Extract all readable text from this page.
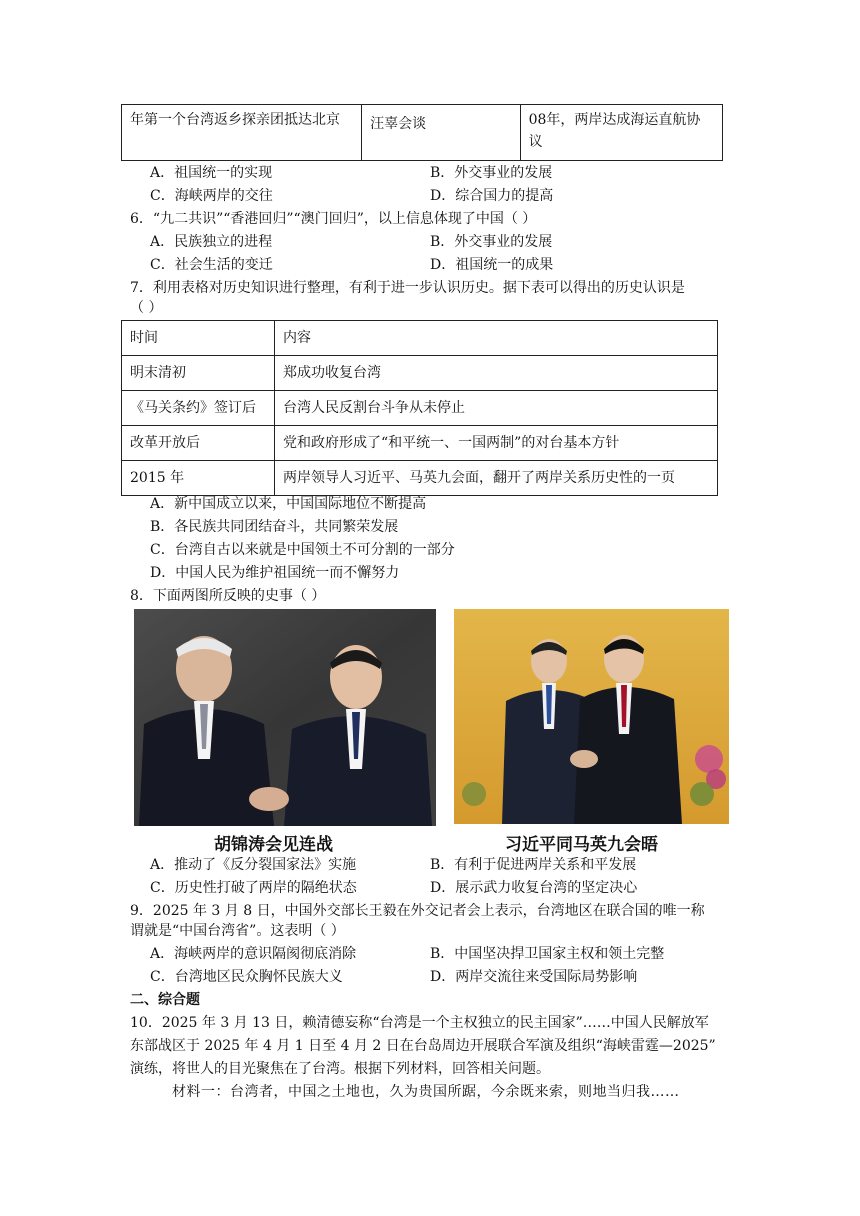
年第一个台湾返乡探亲团抵达北京	汪辜会谈	08年，两岸达成海运直航协议
A．祖国统一的实现	B．外交事业的发展
C．海峡两岸的交往	D．综合国力的提高
6．“九二共识”“香港回归”“澳门回归”，以上信息体现了中国（ ）
A．民族独立的进程	B．外交事业的发展
C．社会生活的变迁	D．祖国统一的成果
7．利用表格对历史知识进行整理，有利于进一步认识历史。据下表可以得出的历史认识是
（ ）
时间	内容

明末清初	郑成功收复台湾

《马关条约》签订后	台湾人民反割台斗争从未停止

改革开放后	党和政府形成了“和平统一、一国两制”的对台基本方针

2015 年	两岸领导人习近平、马英九会面，翻开了两岸关系历史性的一页
A．新中国成立以来，中国国际地位不断提高
B．各民族共同团结奋斗，共同繁荣发展
C．台湾自古以来就是中国领土不可分割的一部分
D．中国人民为维护祖国统一而不懈努力
8．下面两图所反映的史事（ ）
胡锦涛会见连战	习近平同马英九会晤
A．推动了《反分裂国家法》实施	B．有利于促进两岸关系和平发展
C．历史性打破了两岸的隔绝状态	D．展示武力收复台湾的坚定决心
9．2025 年 3 月 8 日，中国外交部长王毅在外交记者会上表示，台湾地区在联合国的唯一称
谓就是“中国台湾省”。这表明（ ）
A．海峡两岸的意识隔阂彻底消除	B．中国坚决捍卫国家主权和领土完整
C．台湾地区民众胸怀民族大义	D．两岸交流往来受国际局势影响
二、综合题
10．2025 年 3 月 13 日，赖清德妄称“台湾是一个主权独立的民主国家”……中国人民解放军
东部战区于 2025 年 4 月 1 日至 4 月 2 日在台岛周边开展联合军演及组织“海峡雷霆—2025”
演练，将世人的目光聚焦在了台湾。根据下列材料，回答相关问题。
材料一：台湾者，中国之土地也，久为贵国所踞，今余既来索，则地当归我……
